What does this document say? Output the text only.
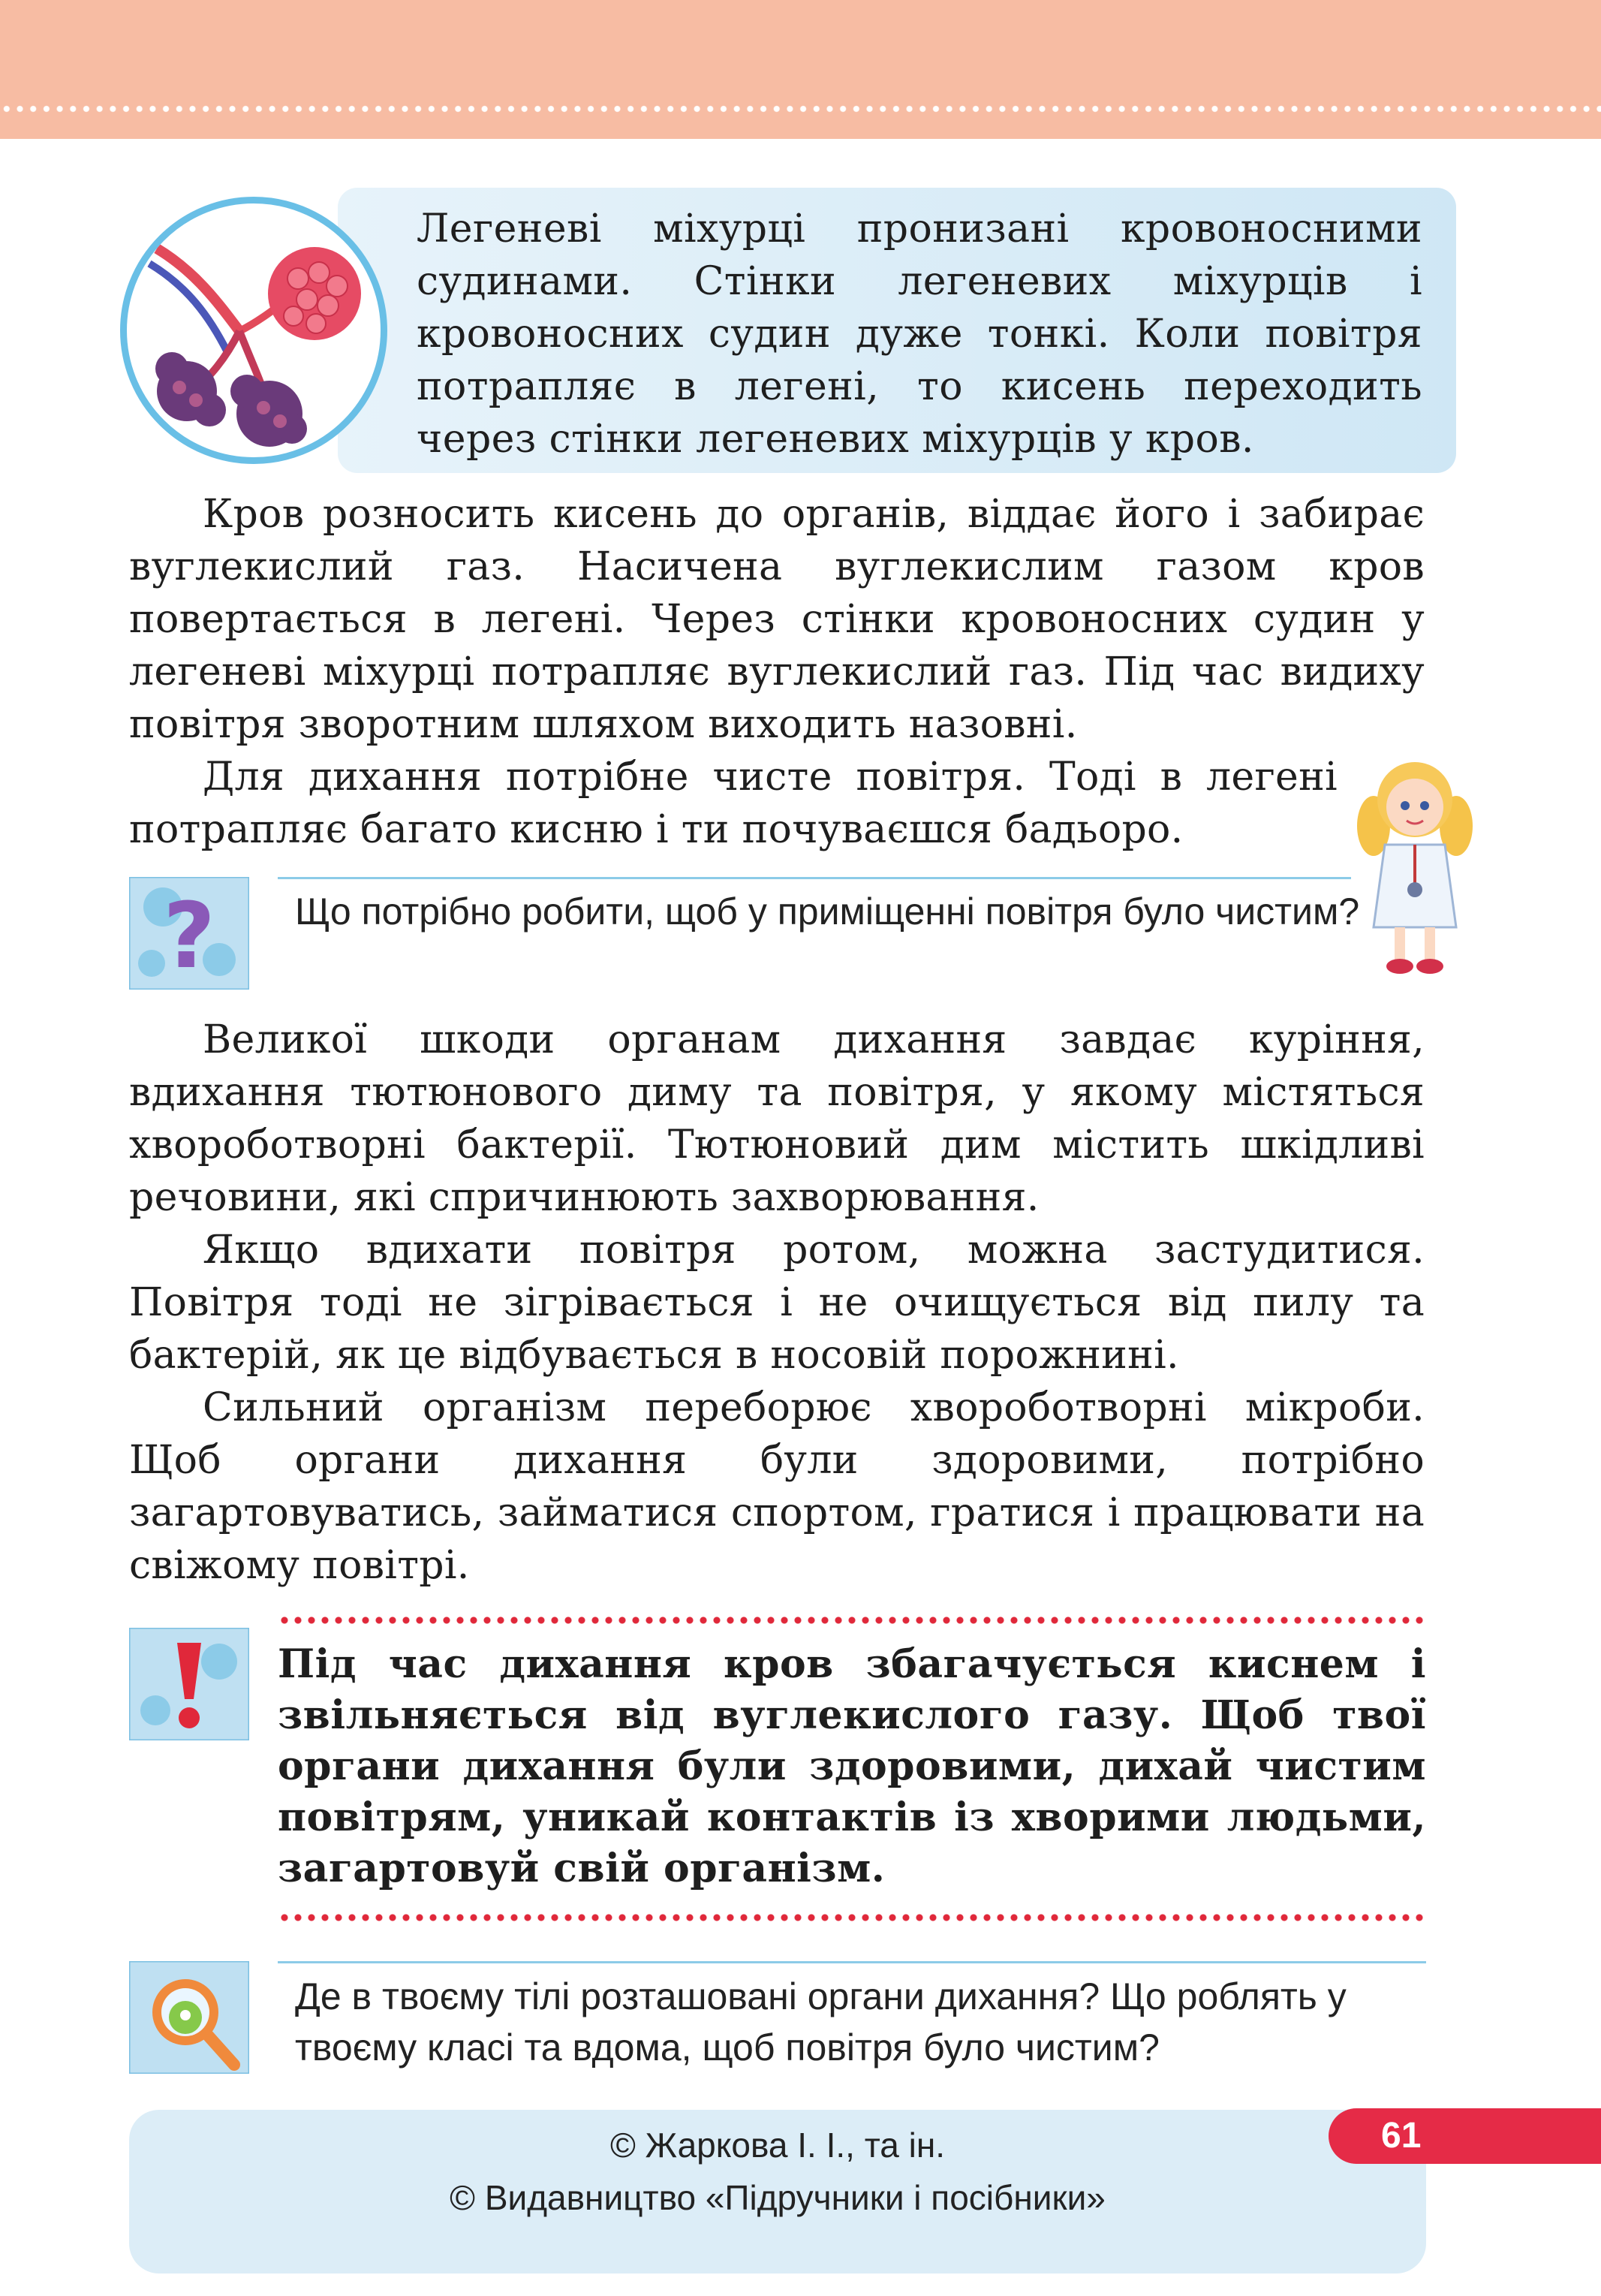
Легеневі міхурці пронизані кровоносними судинами. Стінки легеневих міхурців і кровоносних судин дуже тонкі. Коли повітря потрапляє в легені, то кисень переходить через стінки легеневих міхурців у кров.
Кров розносить кисень до органів, віддає його і забирає вуглекислий газ. Насичена вуглекислим газом кров повертається в легені. Через стінки кровоносних судин у легеневі міхурці потрапляє вуглекислий газ. Під час видиху повітря зворотним шляхом виходить назовні.
Для дихання потрібне чисте повітря. Тоді в легені потрапляє багато кисню і ти почуваєшся бадьоро.
? Що потрібно робити, щоб у приміщенні повітря було чистим?
Великої шкоди органам дихання завдає куріння, вдихання тютюнового диму та повітря, у якому містяться хвороботворні бактерії. Тютюновий дим містить шкідливі речовини, які спричинюють захворювання.
Якщо вдихати повітря ротом, можна застудитися. Повітря тоді не зігрівається і не очищується від пилу та бактерій, як це відбувається в носовій порожнині.
Сильний організм переборює хвороботворні мікроби. Щоб органи дихання були здоровими, потрібно загартовуватись, займатися спортом, гратися і працювати на свіжому повітрі.
Під час дихання кров збагачується киснем і звільняється від вуглекислого газу. Щоб твої органи дихання були здоровими, дихай чистим повітрям, уникай контактів із хворими людьми, загартовуй свій організм.
Де в твоєму тілі розташовані органи дихання? Що роблять у твоєму класі та вдома, щоб повітря було чистим?
61
© Жаркова І. І., та ін.
© Видавництво «Підручники і посібники»
